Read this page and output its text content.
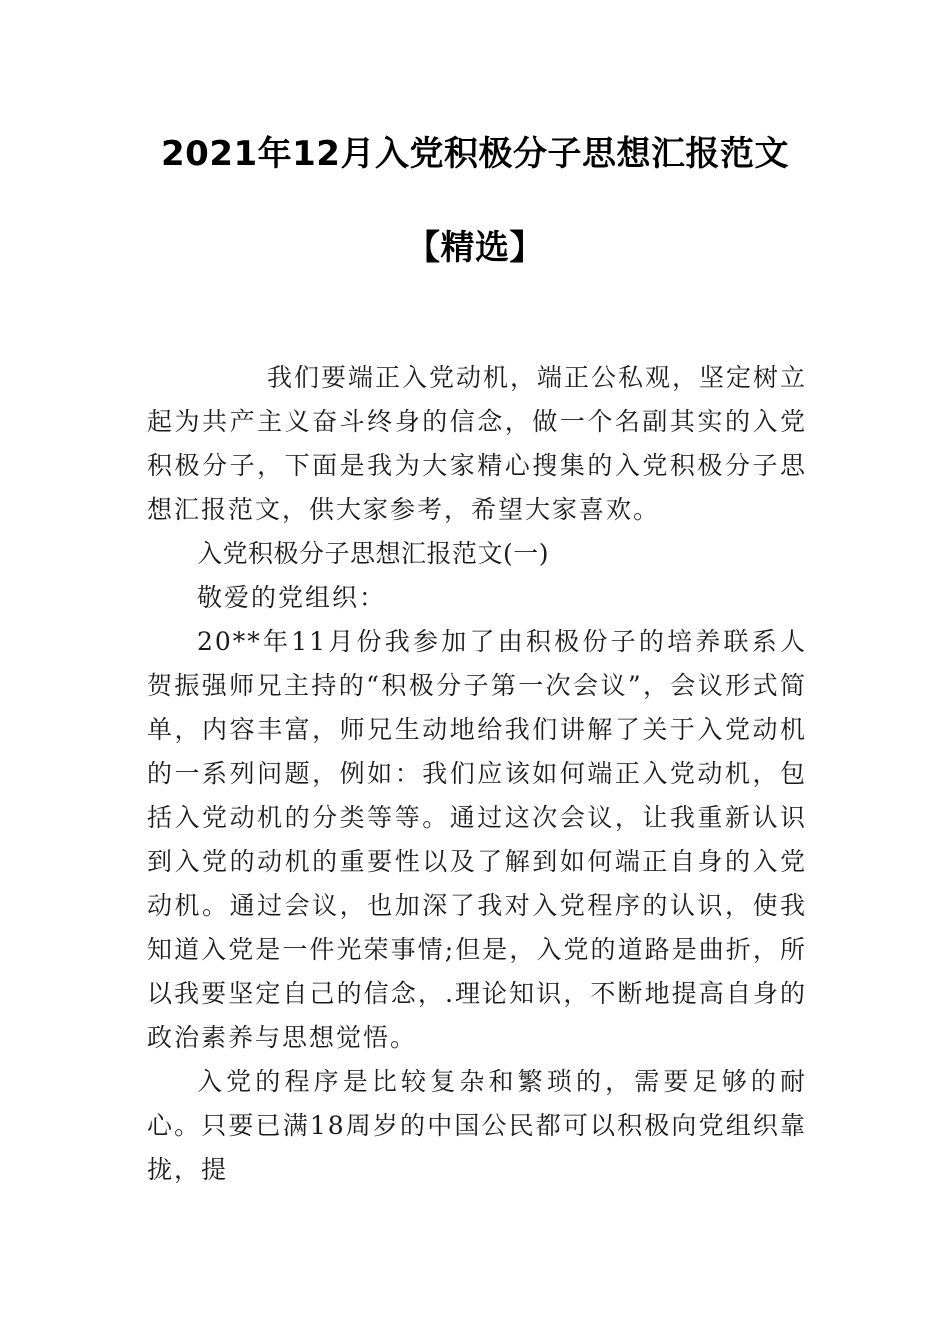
2021年12月入党积极分子思想汇报范文
【精选】

我们要端正入党动机，端正公私观，坚定树立起为共产主义奋斗终身的信念，做一个名副其实的入党积极分子，下面是我为大家精心搜集的入党积极分子思想汇报范文，供大家参考，希望大家喜欢。

入党积极分子思想汇报范文(一)

敬爱的党组织：

20**年11月份我参加了由积极份子的培养联系人贺振强师兄主持的“积极分子第一次会议”，会议形式简单，内容丰富，师兄生动地给我们讲解了关于入党动机的一系列问题，例如：我们应该如何端正入党动机，包括入党动机的分类等等。通过这次会议，让我重新认识到入党的动机的重要性以及了解到如何端正自身的入党动机。通过会议，也加深了我对入党程序的认识，使我知道入党是一件光荣事情;但是，入党的道路是曲折，所以我要坚定自己的信念，.理论知识，不断地提高自身的政治素养与思想觉悟。

入党的程序是比较复杂和繁琐的，需要足够的耐心。只要已满18周岁的中国公民都可以积极向党组织靠拢，提
